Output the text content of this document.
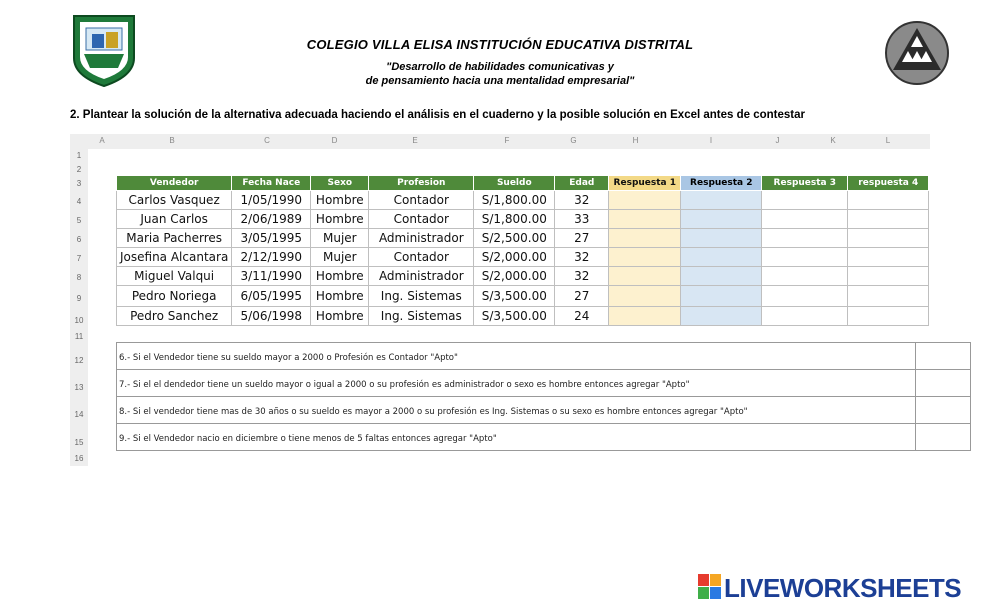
COLEGIO VILLA ELISA INSTITUCIÓN EDUCATIVA DISTRITAL
"Desarrollo de habilidades comunicativas y
de pensamiento hacia una mentalidad empresarial"
2. Plantear la solución de la alternativa adecuada haciendo el análisis en el cuaderno y la posible solución en Excel antes de contestar
A	B	C	D	E	F	G	H	I	J	K	L
1
2
3
4
5
6
7
8
9
10
11
12
13
14
15
16
Vendedor	Fecha Nace	Sexo	Profesion	Sueldo	Edad	Respuesta 1	Respuesta 2	Respuesta 3	respuesta 4
Carlos Vasquez	1/05/1990	Hombre	Contador	S/1,800.00	32				
Juan Carlos	2/06/1989	Hombre	Contador	S/1,800.00	33				
Maria Pacherres	3/05/1995	Mujer	Administrador	S/2,500.00	27				
Josefina Alcantara	2/12/1990	Mujer	Contador	S/2,000.00	32				
Miguel Valqui	3/11/1990	Hombre	Administrador	S/2,000.00	32				
Pedro Noriega	6/05/1995	Hombre	Ing. Sistemas	S/3,500.00	27				
Pedro Sanchez	5/06/1998	Hombre	Ing. Sistemas	S/3,500.00	24				
6.- Si el Vendedor tiene su sueldo mayor a 2000 o Profesión es Contador "Apto"
7.- Si el el dendedor tiene un sueldo mayor o igual a 2000 o su profesión es administrador o sexo es hombre entonces agregar "Apto"
8.- Si el vendedor tiene mas de 30 años o su sueldo es mayor a 2000 o su profesión es Ing. Sistemas o su sexo es hombre entonces agregar "Apto"
9.- Si el Vendedor nacio en diciembre o tiene menos de 5 faltas entonces agregar "Apto"
LIVEWORKSHEETS
